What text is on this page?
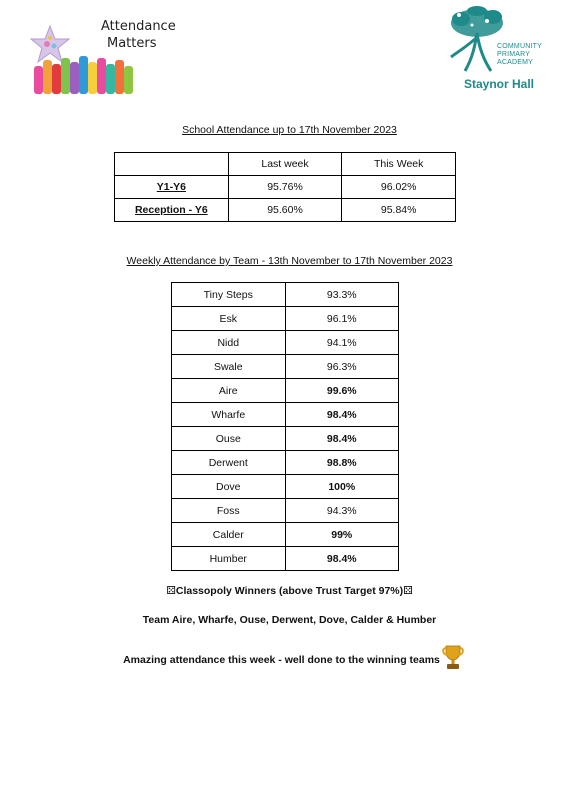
Attendance
Matters	COMMUNITY
PRIMARY
ACADEMY
Staynor Hall
School Attendance up to 17th November 2023
	Last week	This Week
Y1-Y6	95.76%	96.02%
Reception - Y6	95.60%	95.84%
Weekly Attendance by Team - 13th November to 17th November 2023
Tiny Steps	93.3%
Esk	96.1%
Nidd	94.1%
Swale	96.3%
Aire	99.6%
Wharfe	98.4%
Ouse	98.4%
Derwent	98.8%
Dove	100%
Foss	94.3%
Calder	99%
Humber	98.4%
⚄Classopoly Winners (above Trust Target 97%)⚄
Team Aire, Wharfe, Ouse, Derwent, Dove, Calder & Humber
Amazing attendance this week - well done to the winning teams
